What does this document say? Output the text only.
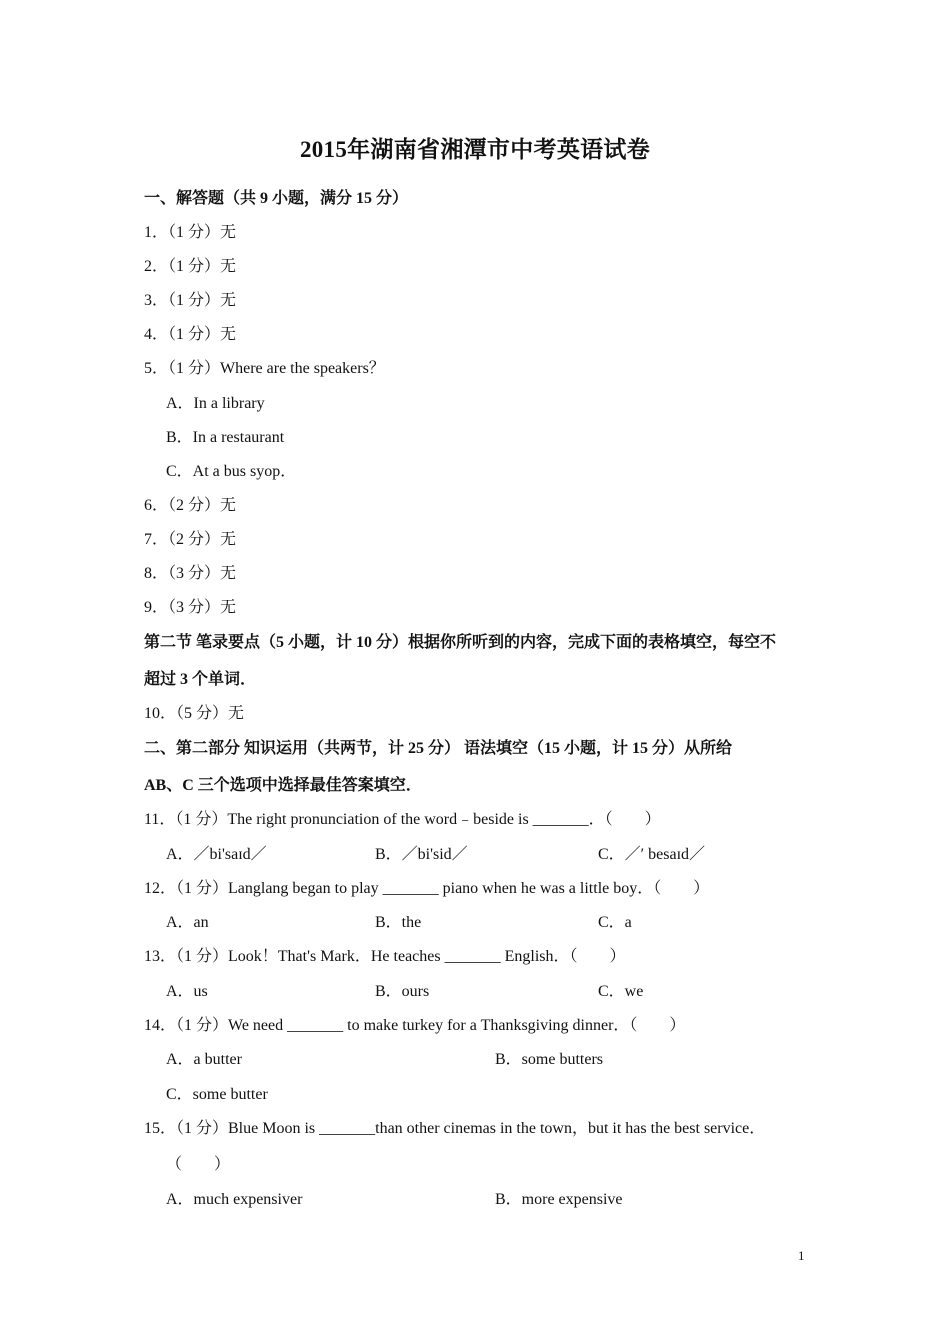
2015年湖南省湘潭市中考英语试卷
一、解答题（共 9 小题，满分 15 分）
1．（1 分）无
2．（1 分）无
3．（1 分）无
4．（1 分）无
5．（1 分）Where are the speakers？
A．In a library
B．In a restaurant
C．At a bus syop．
6．（2 分）无
7．（2 分）无
8．（3 分）无
9．（3 分）无
第二节 笔录要点（5 小题，计 10 分）根据你所听到的内容，完成下面的表格填空，每空不
超过 3 个单词．
10．（5 分）无
二、第二部分 知识运用（共两节，计 25 分） 语法填空（15 小题，计 15 分）从所给
AB、C 三个选项中选择最佳答案填空．
11．（1 分）The right pronunciation of the word﹣beside is _______．（　　）
A．／bi'saɪd／	B．／bi'sid／	C．／′ besaɪd／
12．（1 分）Langlang began to play _______ piano when he was a little boy．（　　）
A．an	B．the	C．a
13．（1 分）Look！That's Mark．He teaches _______ English．（　　）
A．us	B．ours	C．we
14．（1 分）We need _______ to make turkey for a Thanksgiving dinner．（　　）
A．a butter	B．some butters
C．some butter
15．（1 分）Blue Moon is _______than other cinemas in the town，but it has the best service．
（　　）
A．much expensiver	B．more expensive
1
